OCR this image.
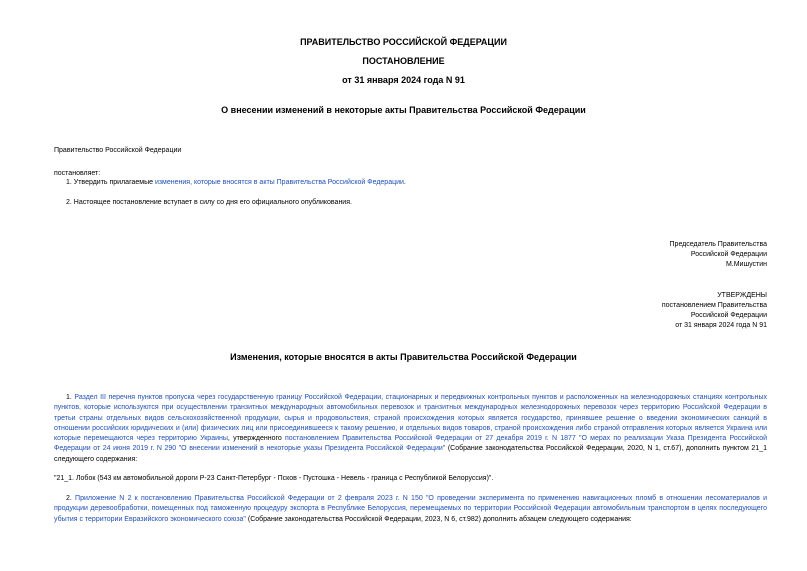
ПРАВИТЕЛЬСТВО РОССИЙСКОЙ ФЕДЕРАЦИИ
ПОСТАНОВЛЕНИЕ
от 31 января 2024 года N 91
О внесении изменений в некоторые акты Правительства Российской Федерации
Правительство Российской Федерации
постановляет:
1. Утвердить прилагаемые изменения, которые вносятся в акты Правительства Российской Федерации.
2. Настоящее постановление вступает в силу со дня его официального опубликования.
Председатель Правительства
Российской Федерации
М.Мишустин
УТВЕРЖДЕНЫ
постановлением Правительства
Российской Федерации
от 31 января 2024 года N 91
Изменения, которые вносятся в акты Правительства Российской Федерации
1. Раздел III перечня пунктов пропуска через государственную границу Российской Федерации, стационарных и передвижных контрольных пунктов и расположенных на железнодорожных станциях контрольных пунктов, которые используются при осуществлении транзитных международных автомобильных перевозок и транзитных международных железнодорожных перевозок через территорию Российской Федерации в третьи страны отдельных видов сельскохозяйственной продукции, сырья и продовольствия, страной происхождения которых является государство, принявшее решение о введении экономических санкций в отношении российских юридических и (или) физических лиц или присоединившееся к такому решению, и отдельных видов товаров, страной происхождения либо страной отправления которых является Украина или которые перемещаются через территорию Украины, утвержденного постановлением Правительства Российской Федерации от 27 декабря 2019 г. N 1877 "О мерах по реализации Указа Президента Российской Федерации от 24 июня 2019 г. N 290 "О внесении изменений в некоторые указы Президента Российской Федерации" (Собрание законодательства Российской Федерации, 2020, N 1, ст.67), дополнить пунктом 21_1 следующего содержания:
"21_1. Лобок (543 км автомобильной дороги Р-23 Санкт-Петербург - Псков - Пустошка - Невель - граница с Республикой Белоруссия)".
2. Приложение N 2 к постановлению Правительства Российской Федерации от 2 февраля 2023 г. N 150 "О проведении эксперимента по применению навигационных пломб в отношении лесоматериалов и продукции деревообработки, помещенных под таможенную процедуру экспорта в Республике Белоруссия, перемещаемых по территории Российской Федерации автомобильным транспортом в целях последующего убытия с территории Евразийского экономического союза" (Собрание законодательства Российской Федерации, 2023, N 6, ст.982) дополнить абзацем следующего содержания:
